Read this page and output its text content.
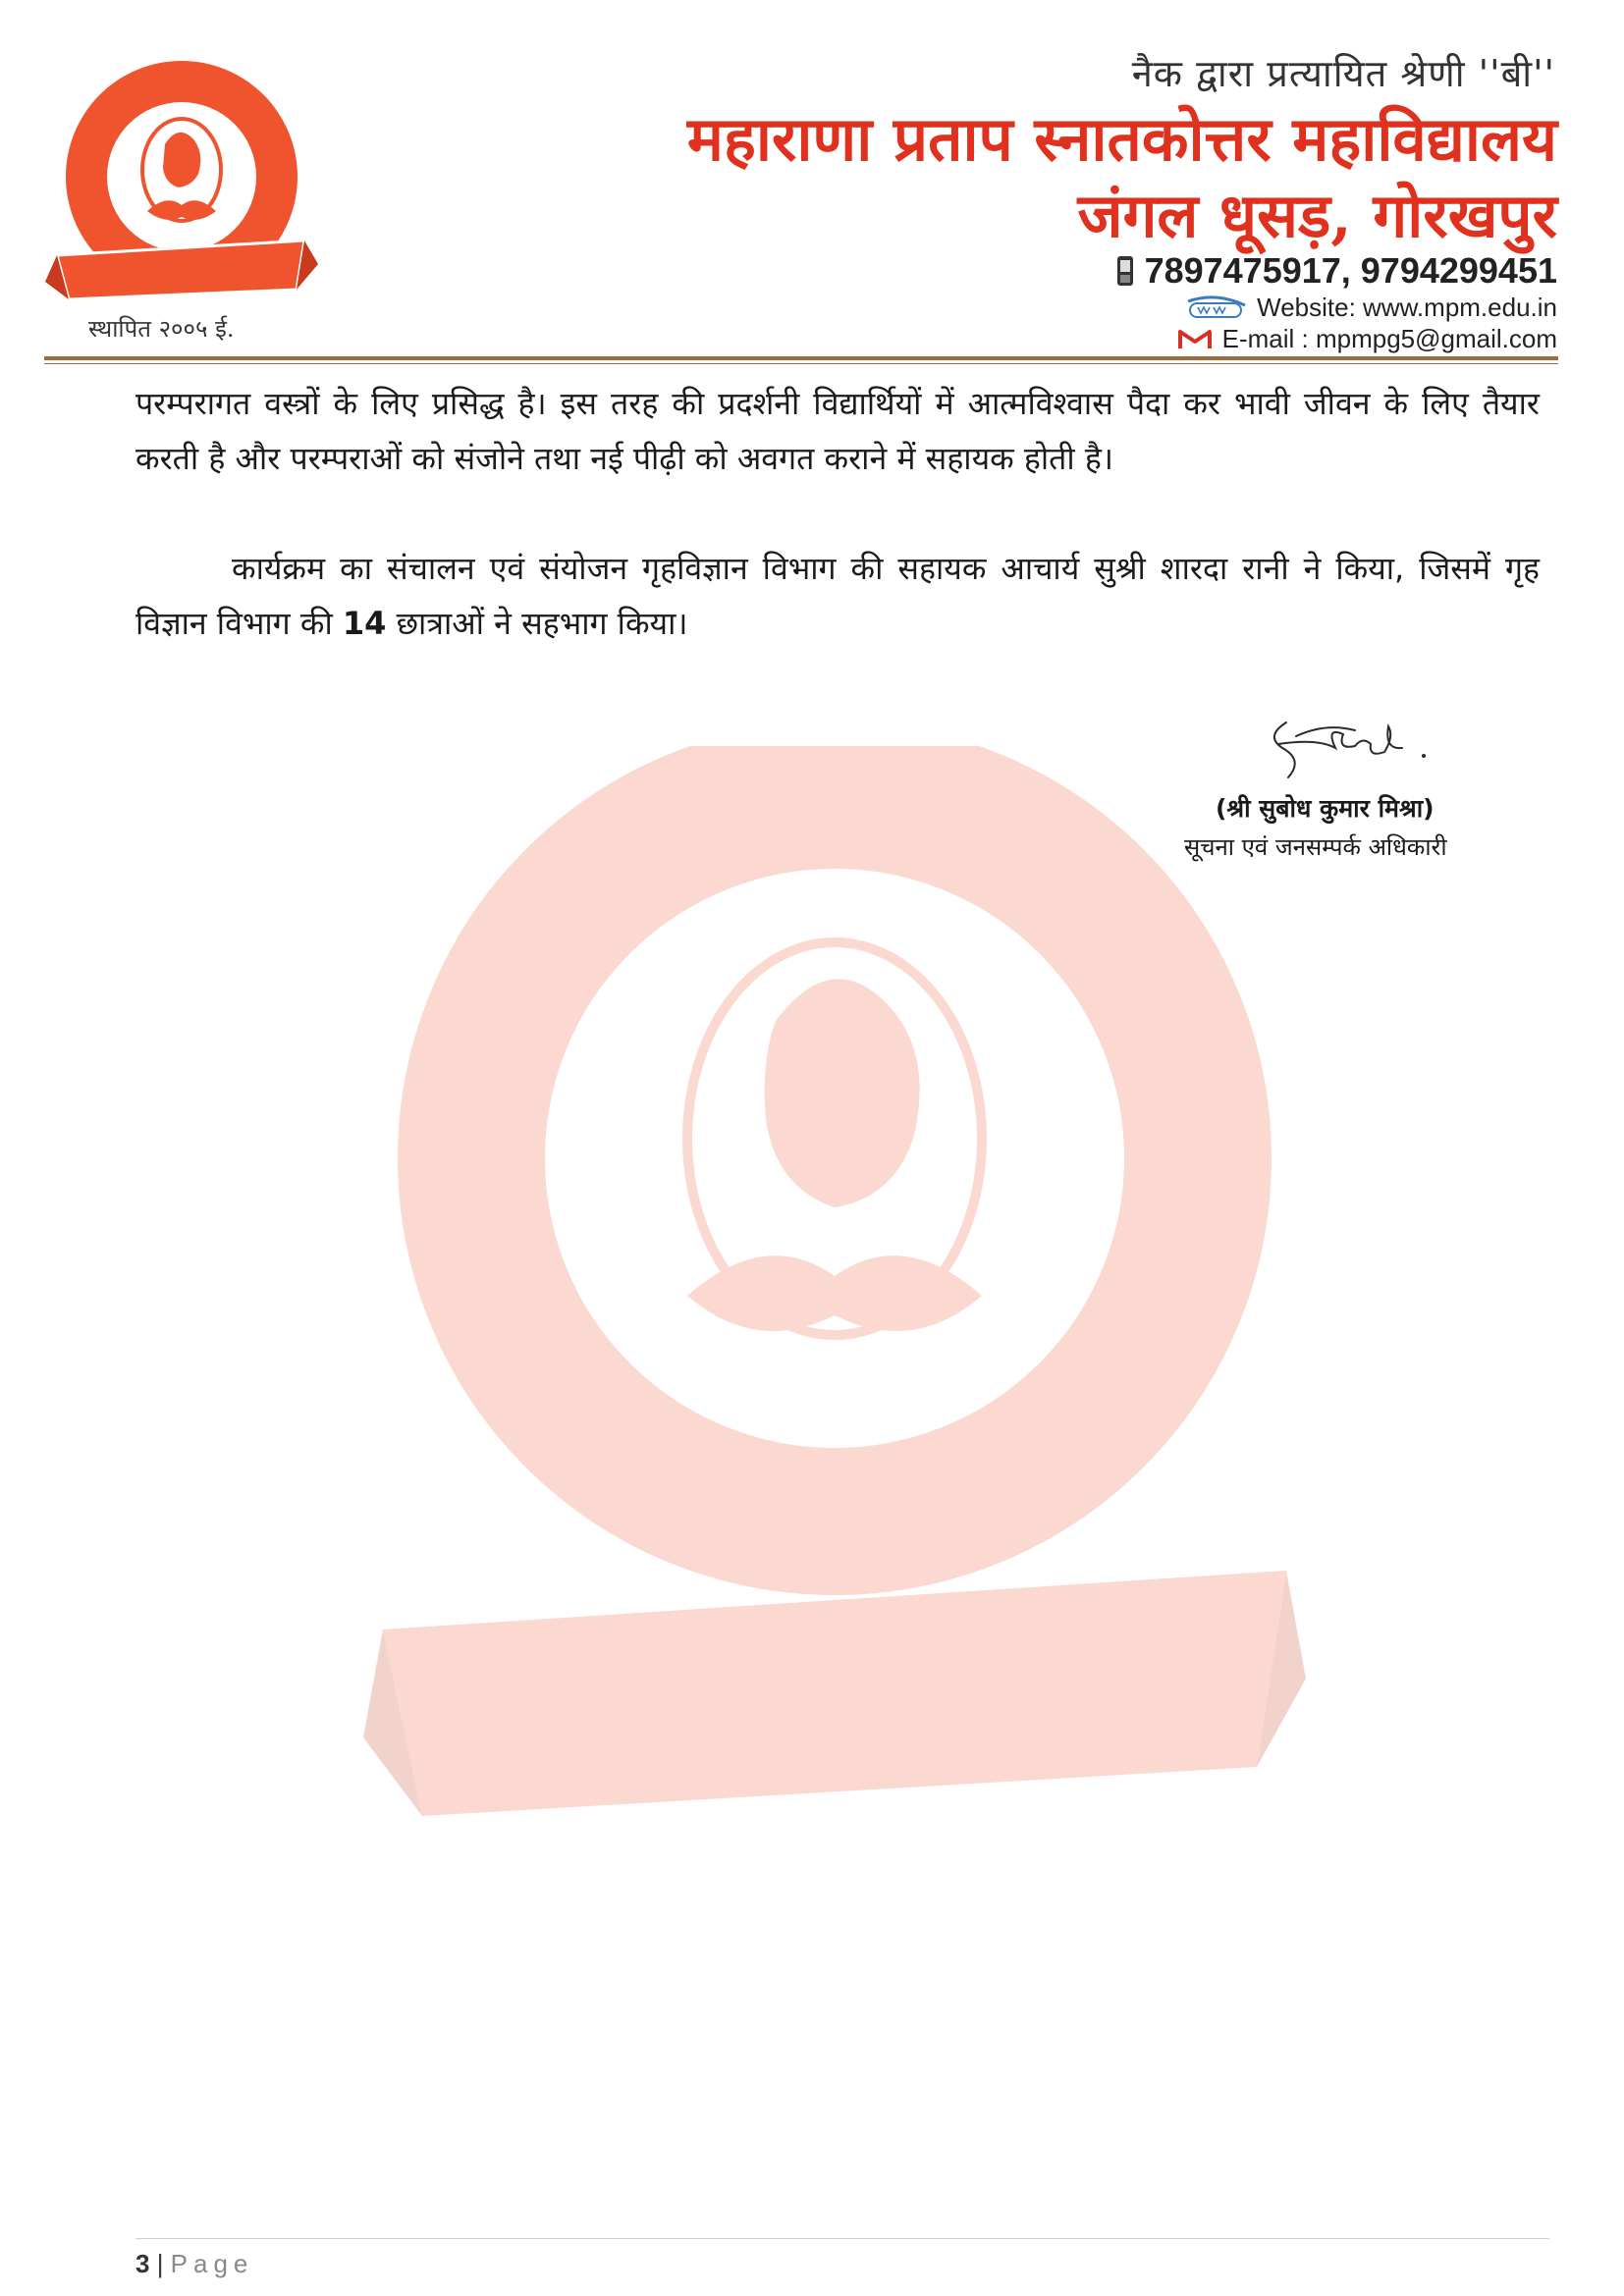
स्थापित २००५ ई.
नैक द्वारा प्रत्यायित श्रेणी ''बी''
महाराणा प्रताप स्नातकोत्तर महाविद्यालय
जंगल धूसड़, गोरखपुर
7897475917, 9794299451
Website: www.mpm.edu.in
E-mail : mpmpg5@gmail.com
परम्परागत वस्त्रों के लिए प्रसिद्ध है। इस तरह की प्रदर्शनी विद्यार्थियों में आत्मविश्वास पैदा कर भावी जीवन के लिए तैयार करती है और परम्पराओं को संजोने तथा नई पीढ़ी को अवगत कराने में सहायक होती है।
कार्यक्रम का संचालन एवं संयोजन गृहविज्ञान विभाग की सहायक आचार्य सुश्री शारदा रानी ने किया, जिसमें गृह विज्ञान विभाग की 14 छात्राओं ने सहभाग किया।
(श्री सुबोध कुमार मिश्रा)
सूचना एवं जनसम्पर्क अधिकारी
3 | Page
